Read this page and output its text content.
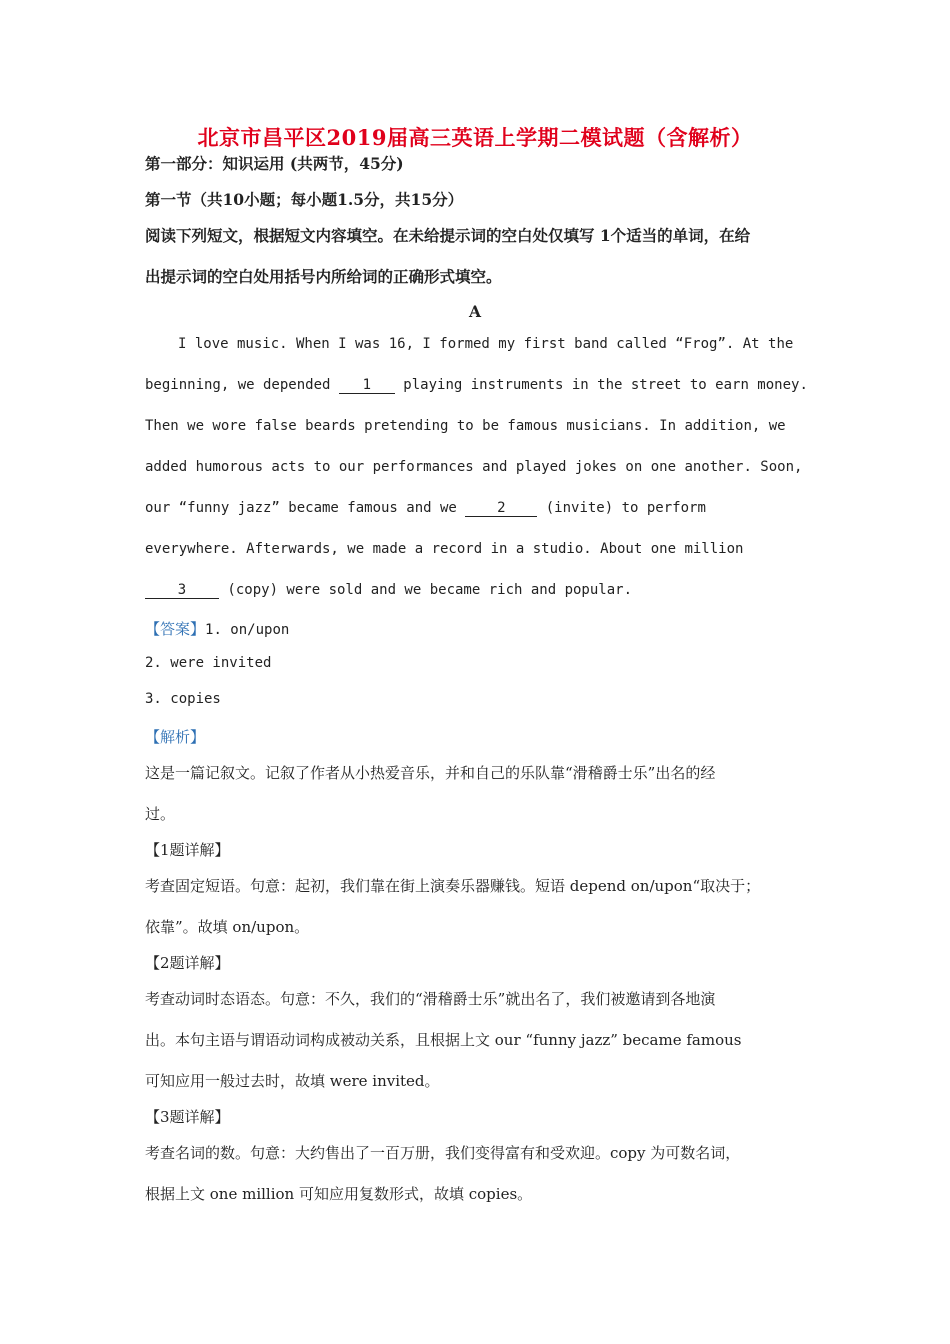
北京市昌平区2019届高三英语上学期二模试题（含解析）
第一部分：知识运用 (共两节，45分)
第一节（共10小题；每小题1.5分，共15分）
阅读下列短文，根据短文内容填空。在未给提示词的空白处仅填写 1个适当的单词，在给
出提示词的空白处用括号内所给词的正确形式填空。
A
I love music. When I was 16, I formed my first band called “Frog”. At the
beginning, we depended 1 playing instruments in the street to earn money.
Then we wore false beards pretending to be famous musicians. In addition, we
added humorous acts to our performances and played jokes on one another. Soon,
our “funny jazz” became famous and we 2 (invite) to perform
everywhere. Afterwards, we made a record in a studio. About one million
3 (copy) were sold and we became rich and popular.
【答案】1. on/upon
2. were invited
3. copies
【解析】
这是一篇记叙文。记叙了作者从小热爱音乐，并和自己的乐队靠“滑稽爵士乐”出名的经
过。
【1题详解】
考查固定短语。句意：起初，我们靠在街上演奏乐器赚钱。短语 depend on/upon“取决于；
依靠”。故填 on/upon。
【2题详解】
考查动词时态语态。句意：不久，我们的“滑稽爵士乐”就出名了，我们被邀请到各地演
出。本句主语与谓语动词构成被动关系，且根据上文 our “funny jazz” became famous
可知应用一般过去时，故填 were invited。
【3题详解】
考查名词的数。句意：大约售出了一百万册，我们变得富有和受欢迎。copy 为可数名词，
根据上文 one million 可知应用复数形式，故填 copies。
